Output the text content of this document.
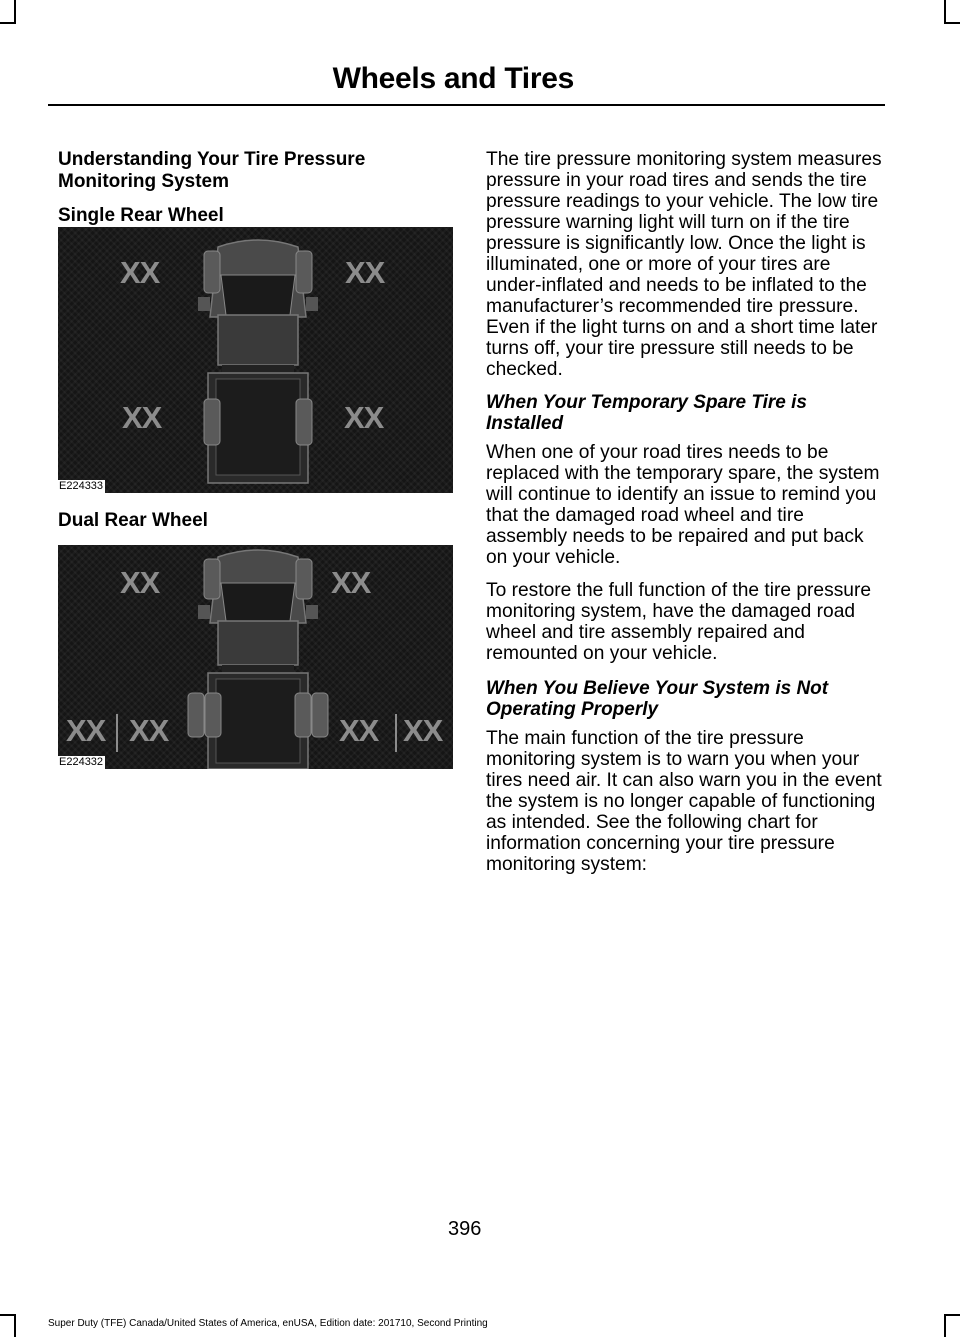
Wheels and Tires
Understanding Your Tire Pressure
Monitoring System
Single Rear Wheel
XX	XX
XX	XX
E224333
Dual Rear Wheel
XX	XX
XX XX	XX XX
E224332

The tire pressure monitoring system measures pressure in your road tires and sends the tire pressure readings to your vehicle. The low tire pressure warning light will turn on if the tire pressure is significantly low. Once the light is illuminated, one or more of your tires are under-inflated and needs to be inflated to the manufacturer’s recommended tire pressure. Even if the light turns on and a short time later turns off, your tire pressure still needs to be checked.

When Your Temporary Spare Tire is Installed

When one of your road tires needs to be replaced with the temporary spare, the system will continue to identify an issue to remind you that the damaged road wheel and tire assembly needs to be repaired and put back on your vehicle.

To restore the full function of the tire pressure monitoring system, have the damaged road wheel and tire assembly repaired and remounted on your vehicle.

When You Believe Your System is Not Operating Properly

The main function of the tire pressure monitoring system is to warn you when your tires need air. It can also warn you in the event the system is no longer capable of functioning as intended. See the following chart for information concerning your tire pressure monitoring system:

396
Super Duty (TFE) Canada/United States of America, enUSA, Edition date: 201710, Second Printing
